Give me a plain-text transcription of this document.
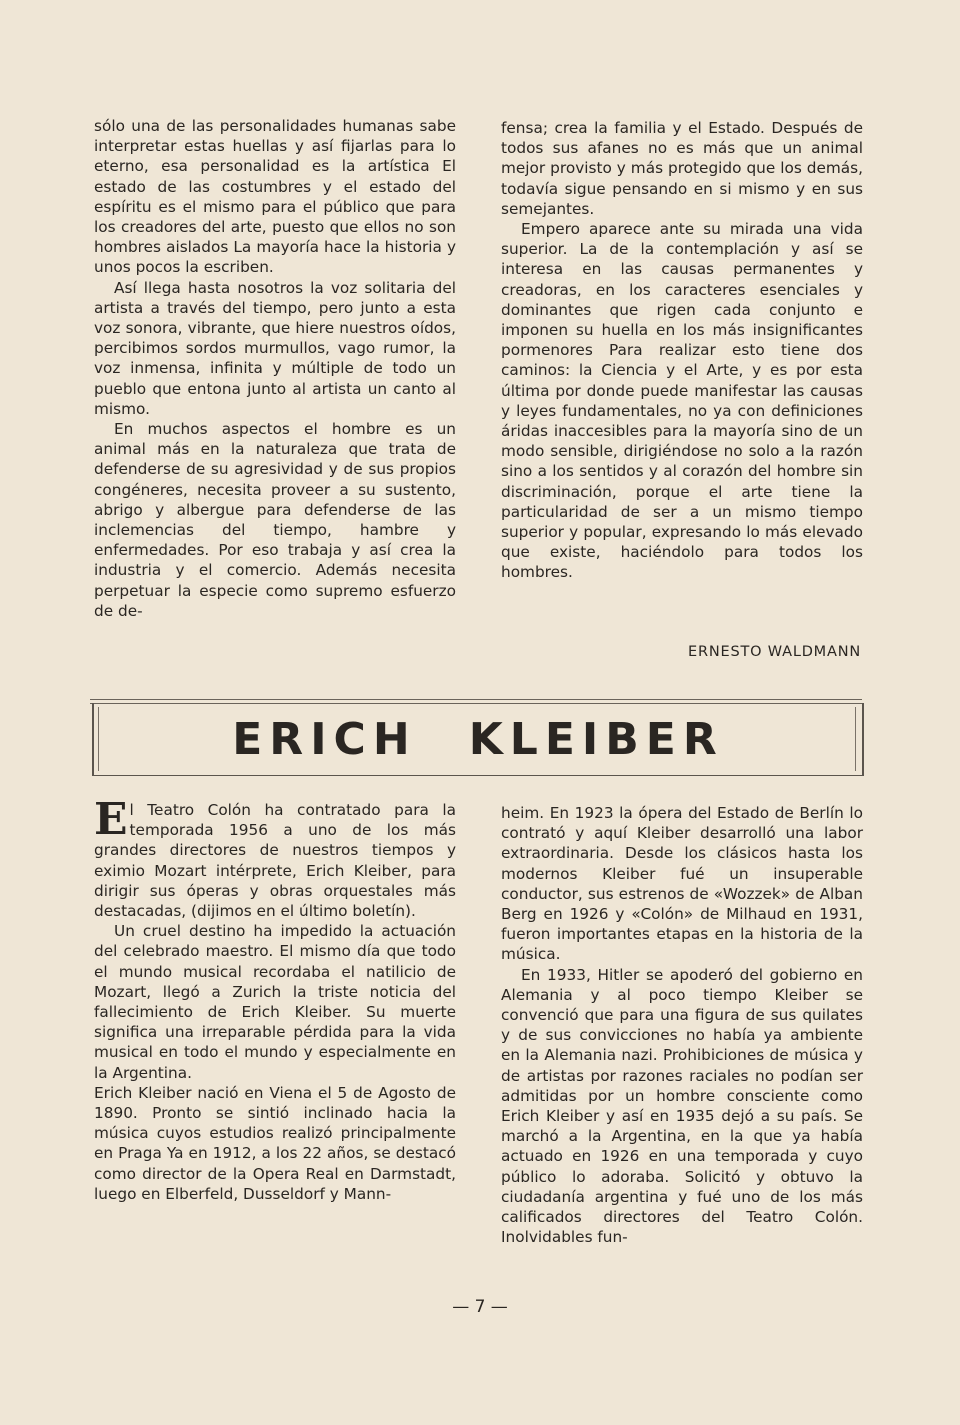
sólo una de las personalidades humanas sabe interpretar estas huellas y así fijarlas para lo eterno, esa personalidad es la artística El estado de las costumbres y el estado del espíritu es el mismo para el público que para los creadores del arte, puesto que ellos no son hombres aislados La mayoría hace la historia y unos pocos la escriben.

Así llega hasta nosotros la voz solitaria del artista a través del tiempo, pero junto a esta voz sonora, vibrante, que hiere nuestros oídos, percibimos sordos murmullos, vago rumor, la voz inmensa, infinita y múltiple de todo un pueblo que entona junto al artista un canto al mismo.

En muchos aspectos el hombre es un animal más en la naturaleza que trata de defenderse de su agresividad y de sus propios congéneres, necesita proveer a su sustento, abrigo y albergue para defenderse de las inclemencias del tiempo, hambre y enfermedades. Por eso trabaja y así crea la industria y el comercio. Además necesita perpetuar la especie como supremo esfuerzo de de-

fensa; crea la familia y el Estado. Después de todos sus afanes no es más que un animal mejor provisto y más protegido que los demás, todavía sigue pensando en si mismo y en sus semejantes.

Empero aparece ante su mirada una vida superior. La de la contemplación y así se interesa en las causas permanentes y creadoras, en los caracteres esenciales y dominantes que rigen cada conjunto e imponen su huella en los más insignificantes pormenores Para realizar esto tiene dos caminos: la Ciencia y el Arte, y es por esta última por donde puede manifestar las causas y leyes fundamentales, no ya con definiciones áridas inaccesibles para la mayoría sino de un modo sensible, dirigiéndose no solo a la razón sino a los sentidos y al corazón del hombre sin discriminación, porque el arte tiene la particularidad de ser a un mismo tiempo superior y popular, expresando lo más elevado que existe, haciéndolo para todos los hombres.

ERNESTO WALDMANN
ERICH KLEIBER

El Teatro Colón ha contratado para la temporada 1956 a uno de los más grandes directores de nuestros tiempos y eximio Mozart intérprete, Erich Kleiber, para dirigir sus óperas y obras orquestales más destacadas, (dijimos en el último boletín).

Un cruel destino ha impedido la actuación del celebrado maestro. El mismo día que todo el mundo musical recordaba el natilicio de Mozart, llegó a Zurich la triste noticia del fallecimiento de Erich Kleiber. Su muerte significa una irreparable pérdida para la vida musical en todo el mundo y especialmente en la Argentina.

Erich Kleiber nació en Viena el 5 de Agosto de 1890. Pronto se sintió inclinado hacia la música cuyos estudios realizó principalmente en Praga Ya en 1912, a los 22 años, se destacó como director de la Opera Real en Darmstadt, luego en Elberfeld, Dusseldorf y Mann-

heim. En 1923 la ópera del Estado de Berlín lo contrató y aquí Kleiber desarrolló una labor extraordinaria. Desde los clásicos hasta los modernos Kleiber fué un insuperable conductor, sus estrenos de «Wozzek» de Alban Berg en 1926 y «Colón» de Milhaud en 1931, fueron importantes etapas en la historia de la música.

En 1933, Hitler se apoderó del gobierno en Alemania y al poco tiempo Kleiber se convenció que para una figura de sus quilates y de sus convicciones no había ya ambiente en la Alemania nazi. Prohibiciones de música y de artistas por razones raciales no podían ser admitidas por un hombre consciente como Erich Kleiber y así en 1935 dejó a su país. Se marchó a la Argentina, en la que ya había actuado en 1926 en una temporada y cuyo público lo adoraba. Solicitó y obtuvo la ciudadanía argentina y fué uno de los más calificados directores del Teatro Colón. Inolvidables fun-

— 7 —
